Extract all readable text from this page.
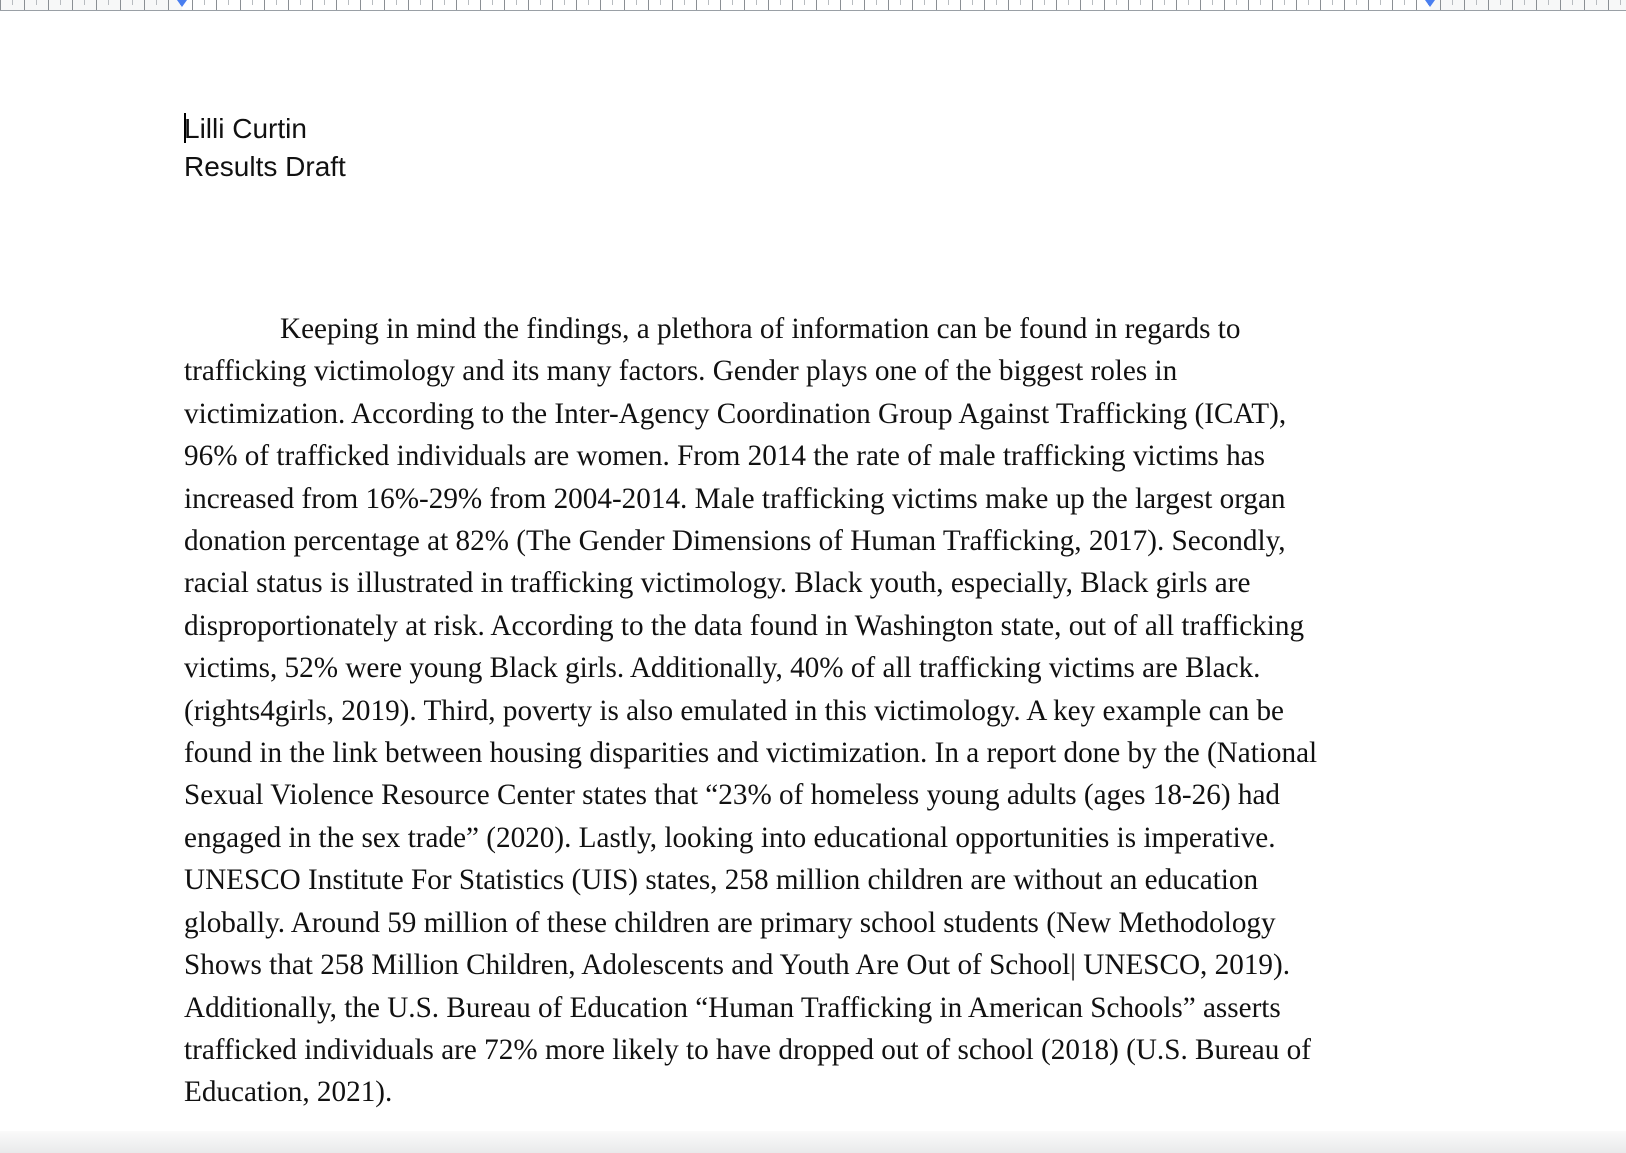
Lilli Curtin
Results Draft
Keeping in mind the findings, a plethora of information can be found in regards to
trafficking victimology and its many factors. Gender plays one of the biggest roles in
victimization. According to the Inter-Agency Coordination Group Against Trafficking (ICAT),
96% of trafficked individuals are women. From 2014 the rate of male trafficking victims has
increased from 16%-29% from 2004-2014. Male trafficking victims make up the largest organ
donation percentage at 82% (The Gender Dimensions of Human Trafficking, 2017). Secondly,
racial status is illustrated in trafficking victimology. Black youth, especially, Black girls are
disproportionately at risk. According to the data found in Washington state, out of all trafficking
victims, 52% were young Black girls. Additionally, 40% of all trafficking victims are Black.
(rights4girls, 2019). Third, poverty is also emulated in this victimology. A key example can be
found in the link between housing disparities and victimization. In a report done by the (National
Sexual Violence Resource Center states that “23% of homeless young adults (ages 18-26) had
engaged in the sex trade” (2020). Lastly, looking into educational opportunities is imperative.
UNESCO Institute For Statistics (UIS) states, 258 million children are without an education
globally. Around 59 million of these children are primary school students (New Methodology
Shows that 258 Million Children, Adolescents and Youth Are Out of School| UNESCO, 2019).
Additionally, the U.S. Bureau of Education “Human Trafficking in American Schools” asserts
trafficked individuals are 72% more likely to have dropped out of school (2018) (U.S. Bureau of
Education, 2021).
